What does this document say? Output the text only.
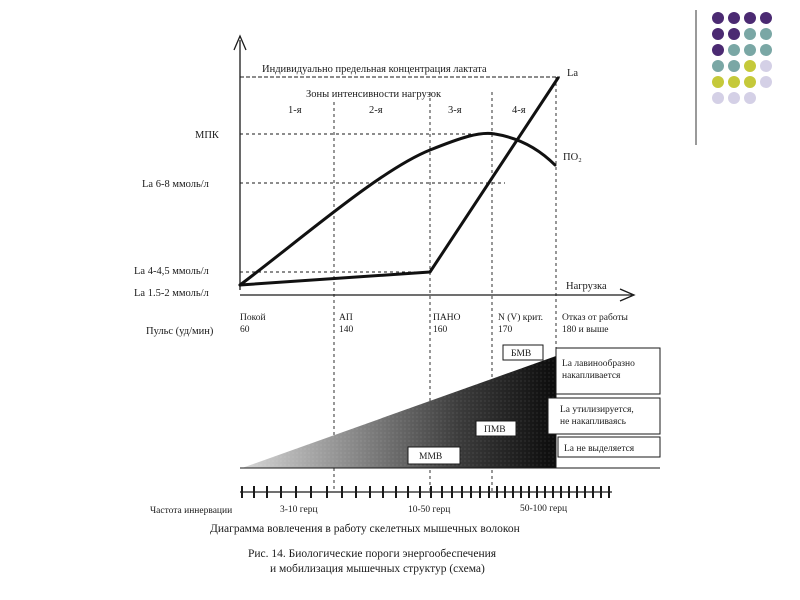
Индивидуально предельная концентрация лактата
Зоны интенсивности нагрузок
1-я	2-я	3-я	4-я
МПК
La 6-8 ммоль/л
La 4-4,5 ммоль/л
La 1.5-2 ммоль/л
La
ПО₂
Нагрузка
Пульс (уд/мин)
Покой
60
АП
140
ПАНО
160
N (V) крит.
170
Отказ от работы
180 и выше
БМВ
ПМВ
ММВ
La лавинообразно
накапливается
La утилизируется,
не накапливаясь
La не выделяется
Частота иннервации	3-10 герц	10-50 герц	50-100 герц
Диаграмма вовлечения в работу скелетных мышечных волокон
Рис. 14. Биологические пороги энергообеспечения
и мобилизация мышечных структур (схема)
